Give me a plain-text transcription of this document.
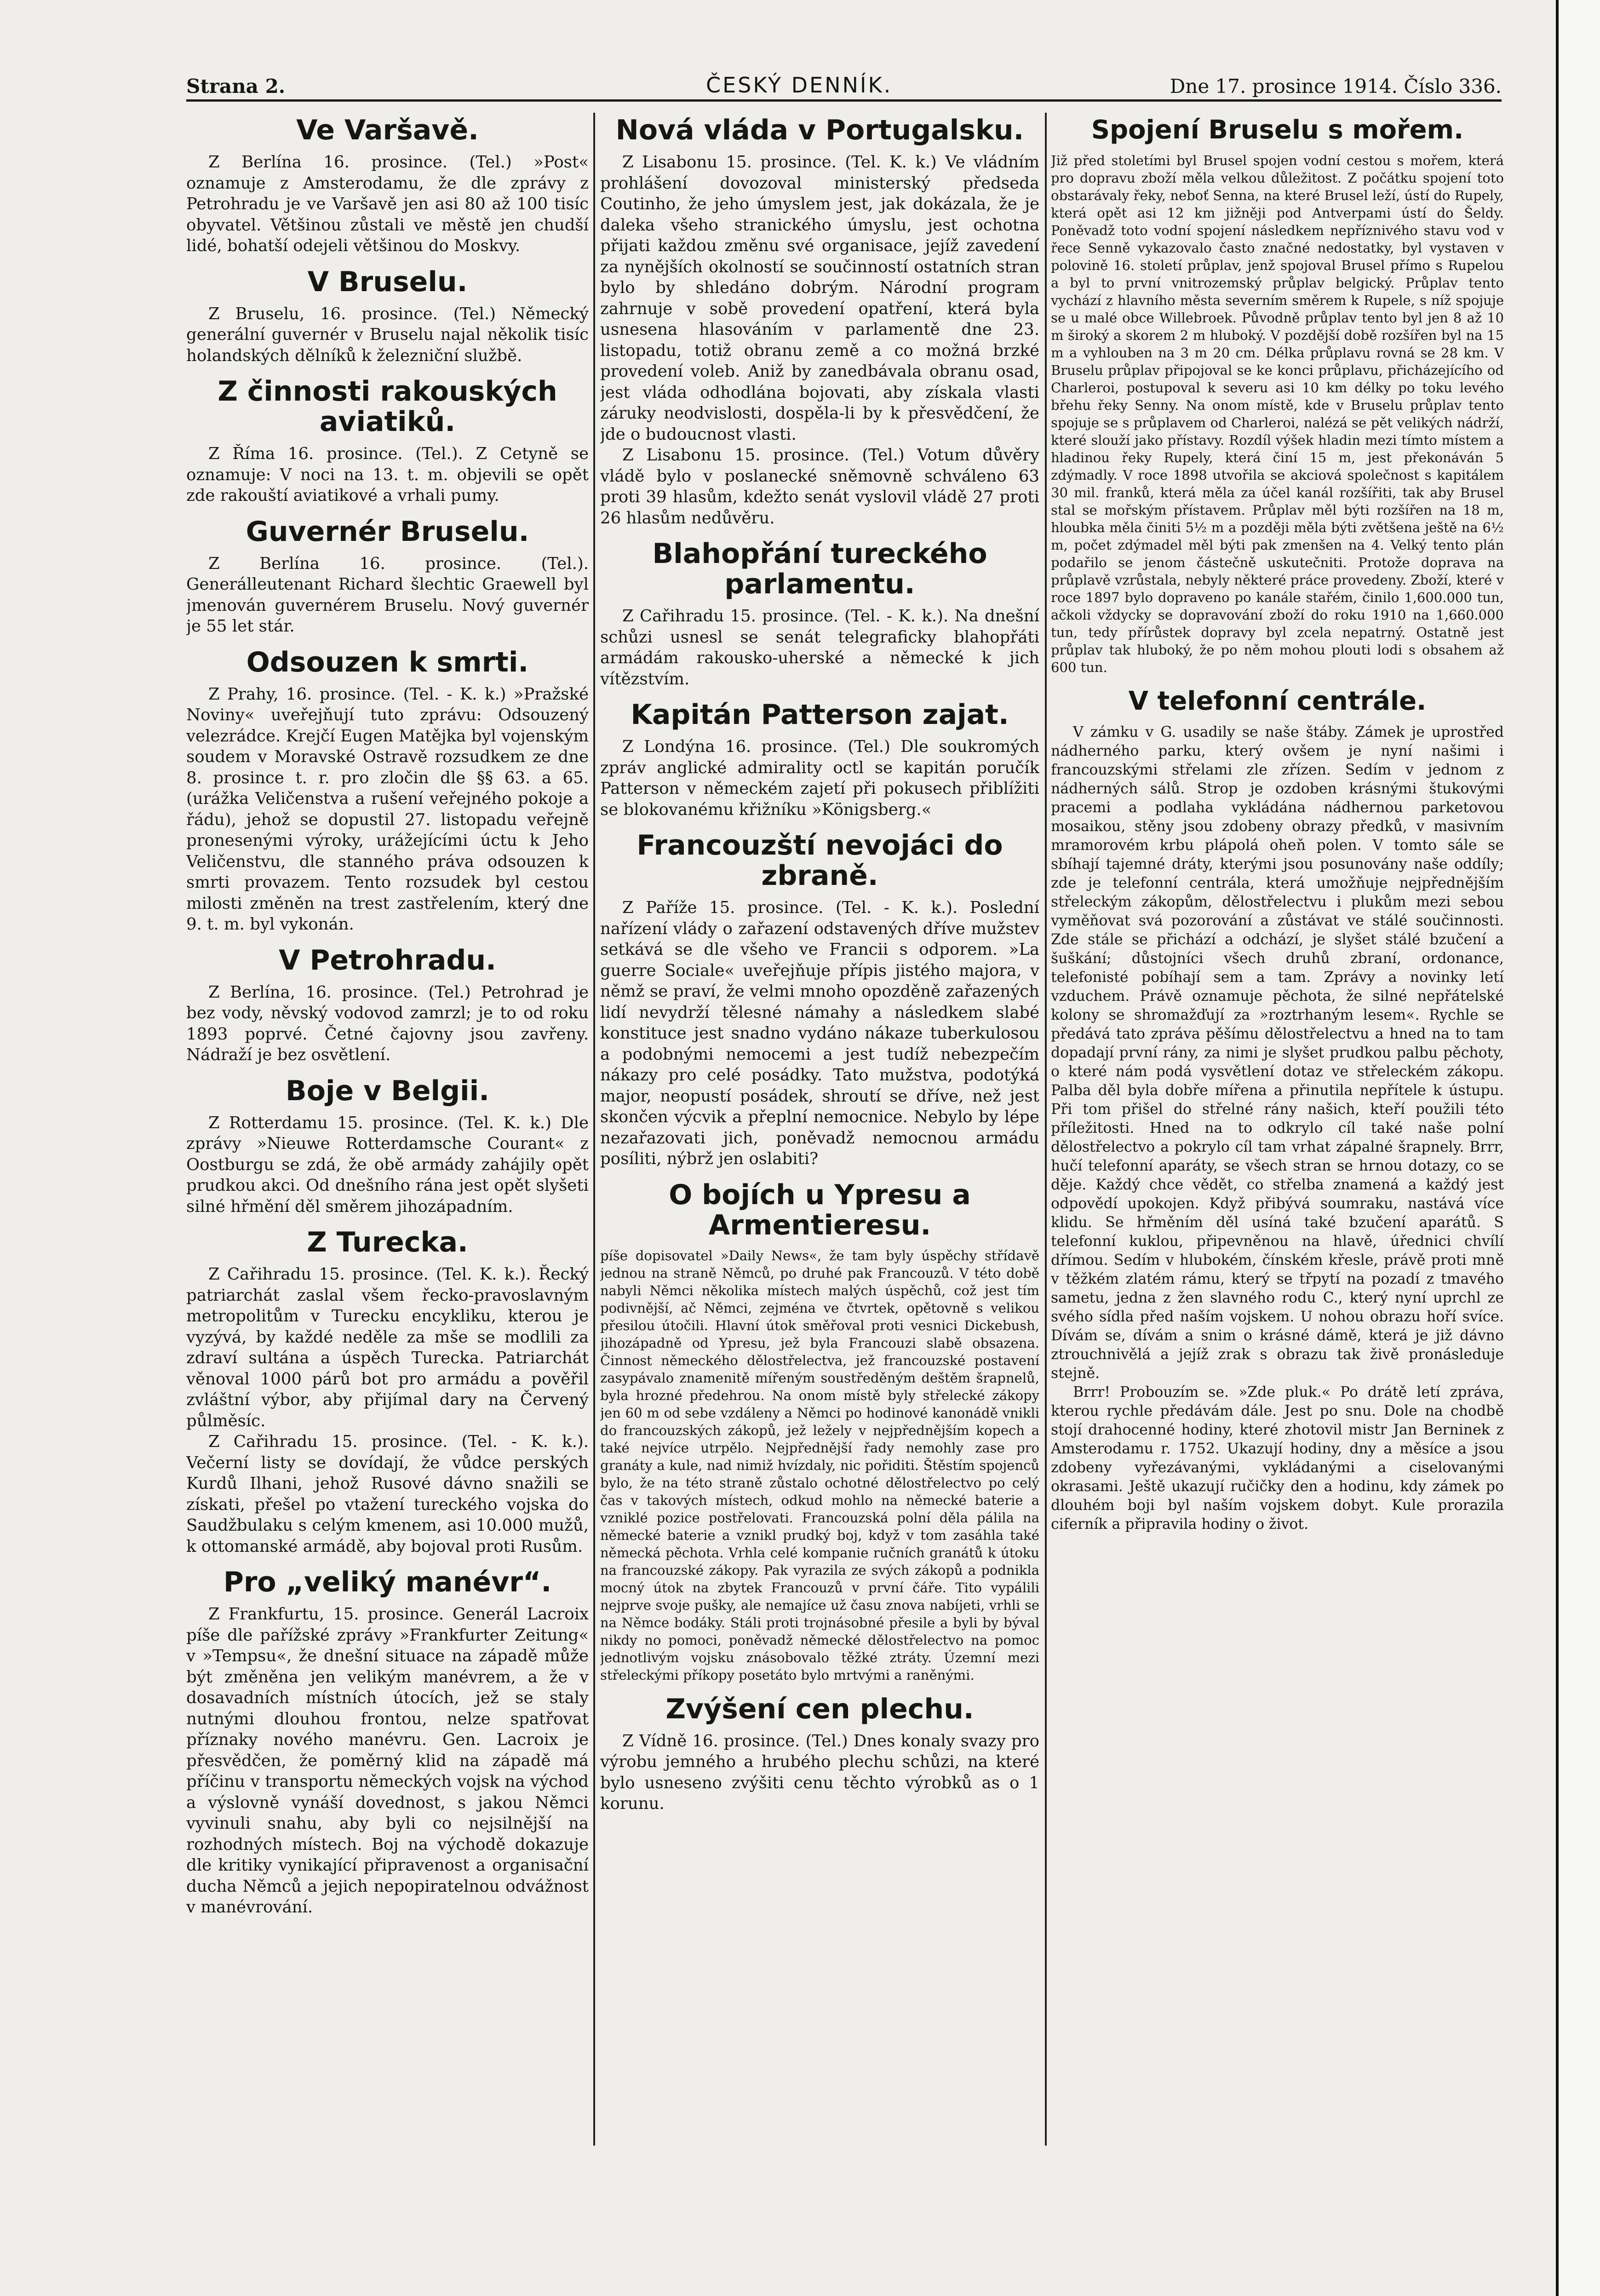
Strana 2.	ČESKÝ DENNÍK.	Dne 17. prosince 1914. Číslo 336.
Ve Varšavě.

Z Berlína 16. prosince. (Tel.) »Post« oznamuje z Amsterodamu, že dle zprávy z Petrohradu je ve Varšavě jen asi 80 až 100 tisíc obyvatel. Většinou zůstali ve městě jen chudší lidé, bohatší odejeli většinou do Moskvy.

V Bruselu.

Z Bruselu, 16. prosince. (Tel.) Německý generální guvernér v Bruselu najal několik tisíc holandských dělníků k železniční službě.

Z činnosti rakouských aviatiků.

Z Říma 16. prosince. (Tel.). Z Cetyně se oznamuje: V noci na 13. t. m. objevili se opět zde rakouští aviatikové a vrhali pumy.

Guvernér Bruselu.

Z Berlína 16. prosince. (Tel.). Generálleutenant Richard šlechtic Graewell byl jmenován guvernérem Bruselu. Nový guvernér je 55 let stár.

Odsouzen k smrti.

Z Prahy, 16. prosince. (Tel. - K. k.) »Pražské Noviny« uveřejňují tuto zprávu: Odsouzený velezrádce. Krejčí Eugen Matějka byl vojenským soudem v Moravské Ostravě rozsudkem ze dne 8. prosince t. r. pro zločin dle §§ 63. a 65. (urážka Veličenstva a rušení veřejného pokoje a řádu), jehož se dopustil 27. listopadu veřejně pronesenými výroky, urážejícími úctu k Jeho Veličenstvu, dle stanného práva odsouzen k smrti provazem. Tento rozsudek byl cestou milosti změněn na trest zastřelením, který dne 9. t. m. byl vykonán.

V Petrohradu.

Z Berlína, 16. prosince. (Tel.) Petrohrad je bez vody, něvský vodovod zamrzl; je to od roku 1893 poprvé. Četné čajovny jsou zavřeny. Nádraží je bez osvětlení.

Boje v Belgii.

Z Rotterdamu 15. prosince. (Tel. K. k.) Dle zprávy »Nieuwe Rotterdamsche Courant« z Oostburgu se zdá, že obě armády zahájily opět prudkou akci. Od dnešního rána jest opět slyšeti silné hřmění děl směrem jihozápadním.

Z Turecka.

Z Cařihradu 15. prosince. (Tel. K. k.). Řecký patriarchát zaslal všem řecko-pravoslavným metropolitům v Turecku encykliku, kterou je vyzývá, by každé neděle za mše se modlili za zdraví sultána a úspěch Turecka. Patriarchát věnoval 1000 párů bot pro armádu a pověřil zvláštní výbor, aby přijímal dary na Červený půlměsíc.

Z Cařihradu 15. prosince. (Tel. - K. k.). Večerní listy se dovídají, že vůdce perských Kurdů Ilhani, jehož Rusové dávno snažili se získati, přešel po vtažení tureckého vojska do Saudžbulaku s celým kmenem, asi 10.000 mužů, k ottomanské armádě, aby bojoval proti Rusům.

Pro „veliký manévr“.

Z Frankfurtu, 15. prosince. Generál Lacroix píše dle pařížské zprávy »Frankfurter Zeitung« v »Tempsu«, že dnešní situace na západě může být změněna jen velikým manévrem, a že v dosavadních místních útocích, jež se staly nutnými dlouhou frontou, nelze spatřovat příznaky nového manévru. Gen. Lacroix je přesvědčen, že poměrný klid na západě má příčinu v transportu německých vojsk na východ a výslovně vynáší dovednost, s jakou Němci vyvinuli snahu, aby byli co nejsilnější na rozhodných místech. Boj na východě dokazuje dle kritiky vynikající připravenost a organisační ducha Němců a jejich nepopiratelnou odvážnost v manévrování.

Nová vláda v Portugalsku.

Z Lisabonu 15. prosince. (Tel. K. k.) Ve vládním prohlášení dovozoval ministerský předseda Coutinho, že jeho úmyslem jest, jak dokázala, že je daleka všeho stranického úmyslu, jest ochotna přijati každou změnu své organisace, jejíž zavedení za nynějších okolností se součinností ostatních stran bylo by shledáno dobrým. Národní program zahrnuje v sobě provedení opatření, která byla usnesena hlasováním v parlamentě dne 23. listopadu, totiž obranu země a co možná brzké provedení voleb. Aniž by zanedbávala obranu osad, jest vláda odhodlána bojovati, aby získala vlasti záruky neodvislosti, dospěla-li by k přesvědčení, že jde o budoucnost vlasti.

Z Lisabonu 15. prosince. (Tel.) Votum důvěry vládě bylo v poslanecké sněmovně schváleno 63 proti 39 hlasům, kdežto senát vyslovil vládě 27 proti 26 hlasům nedůvěru.

Blahopřání tureckého parlamentu.

Z Cařihradu 15. prosince. (Tel. - K. k.). Na dnešní schůzi usnesl se senát telegraficky blahopřáti armádám rakousko-uherské a německé k jich vítězstvím.

Kapitán Patterson zajat.

Z Londýna 16. prosince. (Tel.) Dle soukromých zpráv anglické admirality octl se kapitán poručík Patterson v německém zajetí při pokusech přiblížiti se blokovanému křižníku »Königsberg.«

Francouzští nevojáci do zbraně.

Z Paříže 15. prosince. (Tel. - K. k.). Poslední nařízení vlády o zařazení odstavených dříve mužstev setkává se dle všeho ve Francii s odporem. »La guerre Sociale« uveřejňuje přípis jistého majora, v němž se praví, že velmi mnoho opozděně zařazených lidí nevydrží tělesné námahy a následkem slabé konstituce jest snadno vydáno nákaze tuberkulosou a podobnými nemocemi a jest tudíž nebezpečím nákazy pro celé posádky. Tato mužstva, podotýká major, neopustí posádek, shroutí se dříve, než jest skončen výcvik a přeplní nemocnice. Nebylo by lépe nezařazovati jich, poněvadž nemocnou armádu posíliti, nýbrž jen oslabiti?

O bojích u Ypresu a Armentieresu.

píše dopisovatel »Daily News«, že tam byly úspěchy střídavě jednou na straně Němců, po druhé pak Francouzů. V této době nabyli Němci několika místech malých úspěchů, což jest tím podivnější, ač Němci, zejména ve čtvrtek, opětovně s velikou přesilou útočili. Hlavní útok směřoval proti vesnici Dickebush, jihozápadně od Ypresu, jež byla Francouzi slabě obsazena. Činnost německého dělostřelectva, jež francouzské postavení zasypávalo znamenitě mířeným soustředěným deštěm šrapnelů, byla hrozné předehrou. Na onom místě byly střelecké zákopy jen 60 m od sebe vzdáleny a Němci po hodinové kanonádě vnikli do francouzských zákopů, jež ležely v nejpřednějším kopech a také nejvíce utrpělo. Nejpřednější řady nemohly zase pro granáty a kule, nad nimiž hvízdaly, nic pořiditi. Štěstím spojenců bylo, že na této straně zůstalo ochotné dělostřelectvo po celý čas v takových místech, odkud mohlo na německé baterie a vzniklé pozice postřelovati. Francouzská polní děla pálila na německé baterie a vznikl prudký boj, když v tom zasáhla také německá pěchota. Vrhla celé kompanie ručních granátů k útoku na francouzské zákopy. Pak vyrazila ze svých zákopů a podnikla mocný útok na zbytek Francouzů v první čáře. Tito vypálili nejprve svoje pušky, ale nemajíce už času znova nabíjeti, vrhli se na Němce bodáky. Stáli proti trojnásobné přesile a byli by býval nikdy no pomoci, poněvadž německé dělostřelectvo na pomoc jednotlivým vojsku znásobovalo těžké ztráty. Územní mezi střeleckými příkopy posetáto bylo mrtvými a raněnými.

Zvýšení cen plechu.

Z Vídně 16. prosince. (Tel.) Dnes konaly svazy pro výrobu jemného a hrubého plechu schůzi, na které bylo usneseno zvýšiti cenu těchto výrobků as o 1 korunu.

Spojení Bruselu s mořem.

Již před stoletími byl Brusel spojen vodní cestou s mořem, která pro dopravu zboží měla velkou důležitost. Z počátku spojení toto obstarávaly řeky, neboť Senna, na které Brusel leží, ústí do Rupely, která opět asi 12 km jižněji pod Antverpami ústí do Šeldy. Poněvadž toto vodní spojení následkem nepříznivého stavu vod v řece Senně vykazovalo často značné nedostatky, byl vystaven v polovině 16. století průplav, jenž spojoval Brusel přímo s Rupelou a byl to první vnitrozemský průplav belgický. Průplav tento vychází z hlavního města severním směrem k Rupele, s níž spojuje se u malé obce Willebroek. Původně průplav tento byl jen 8 až 10 m široký a skorem 2 m hluboký. V pozdější době rozšířen byl na 15 m a vyhlouben na 3 m 20 cm. Délka průplavu rovná se 28 km. V Bruselu průplav připojoval se ke konci průplavu, přicházejícího od Charleroi, postupoval k severu asi 10 km délky po toku levého břehu řeky Senny. Na onom místě, kde v Bruselu průplav tento spojuje se s průplavem od Charleroi, nalézá se pět velikých nádrží, které slouží jako přístavy. Rozdíl výšek hladin mezi tímto místem a hladinou řeky Rupely, která činí 15 m, jest překonáván 5 zdýmadly. V roce 1898 utvořila se akciová společnost s kapitálem 30 mil. franků, která měla za účel kanál rozšířiti, tak aby Brusel stal se mořským přístavem. Průplav měl býti rozšířen na 18 m, hloubka měla činiti 5½ m a později měla býti zvětšena ještě na 6½ m, počet zdýmadel měl býti pak zmenšen na 4. Velký tento plán podařilo se jenom částečně uskutečniti. Protože doprava na průplavě vzrůstala, nebyly některé práce provedeny. Zboží, které v roce 1897 bylo dopraveno po kanále stařém, činilo 1,600.000 tun, ačkoli vždycky se dopravování zboží do roku 1910 na 1,660.000 tun, tedy přírůstek dopravy byl zcela nepatrný. Ostatně jest průplav tak hluboký, že po něm mohou plouti lodi s obsahem až 600 tun.

V telefonní centrále.

V zámku v G. usadily se naše štáby. Zámek je uprostřed nádherného parku, který ovšem je nyní našimi i francouzskými střelami zle zřízen. Sedím v jednom z nádherných sálů. Strop je ozdoben krásnými štukovými pracemi a podlaha vykládána nádhernou parketovou mosaikou, stěny jsou zdobeny obrazy předků, v masivním mramorovém krbu plápolá oheň polen. V tomto sále se sbíhají tajemné dráty, kterými jsou posunovány naše oddíly; zde je telefonní centrála, která umožňuje nejpřednějším střeleckým zákopům, dělostřelectvu i plukům mezi sebou vyměňovat svá pozorování a zůstávat ve stálé součinnosti. Zde stále se přichází a odchází, je slyšet stálé bzučení a šuškání; důstojníci všech druhů zbraní, ordonance, telefonisté pobíhají sem a tam. Zprávy a novinky letí vzduchem. Právě oznamuje pěchota, že silné nepřátelské kolony se shromažďují za »roztrhaným lesem«. Rychle se předává tato zpráva pěšímu dělostřelectvu a hned na to tam dopadají první rány, za nimi je slyšet prudkou palbu pěchoty, o které nám podá vysvětlení dotaz ve střeleckém zákopu. Palba děl byla dobře mířena a přinutila nepřítele k ústupu. Při tom přišel do střelné rány našich, kteří použili této příležitosti. Hned na to odkrylo cíl také naše polní dělostřelectvo a pokrylo cíl tam vrhat zápalné šrapnely. Brrr, hučí telefonní aparáty, se všech stran se hrnou dotazy, co se děje. Každý chce vědět, co střelba znamená a každý jest odpovědí upokojen. Když přibývá soumraku, nastává více klidu. Se hřměním děl usíná také bzučení aparátů. S telefonní kuklou, připevněnou na hlavě, úřednici chvílí dřímou. Sedím v hlubokém, čínském křesle, právě proti mně v těžkém zlatém rámu, který se třpytí na pozadí z tmavého sametu, jedna z žen slavného rodu C., který nyní uprchl ze svého sídla před naším vojskem. U nohou obrazu hoří svíce. Dívám se, dívám a snim o krásné dámě, která je již dávno ztrouchnivělá a jejíž zrak s obrazu tak živě pronásleduje stejně.

Brrr! Probouzím se. »Zde pluk.« Po drátě letí zpráva, kterou rychle předávám dále. Jest po snu. Dole na chodbě stojí drahocenné hodiny, které zhotovil mistr Jan Berninek z Amsterodamu r. 1752. Ukazují hodiny, dny a měsíce a jsou zdobeny vyřezávanými, vykládanými a ciselovanými okrasami. Ještě ukazují ručičky den a hodinu, kdy zámek po dlouhém boji byl naším vojskem dobyt. Kule prorazila ciferník a připravila hodiny o život.
